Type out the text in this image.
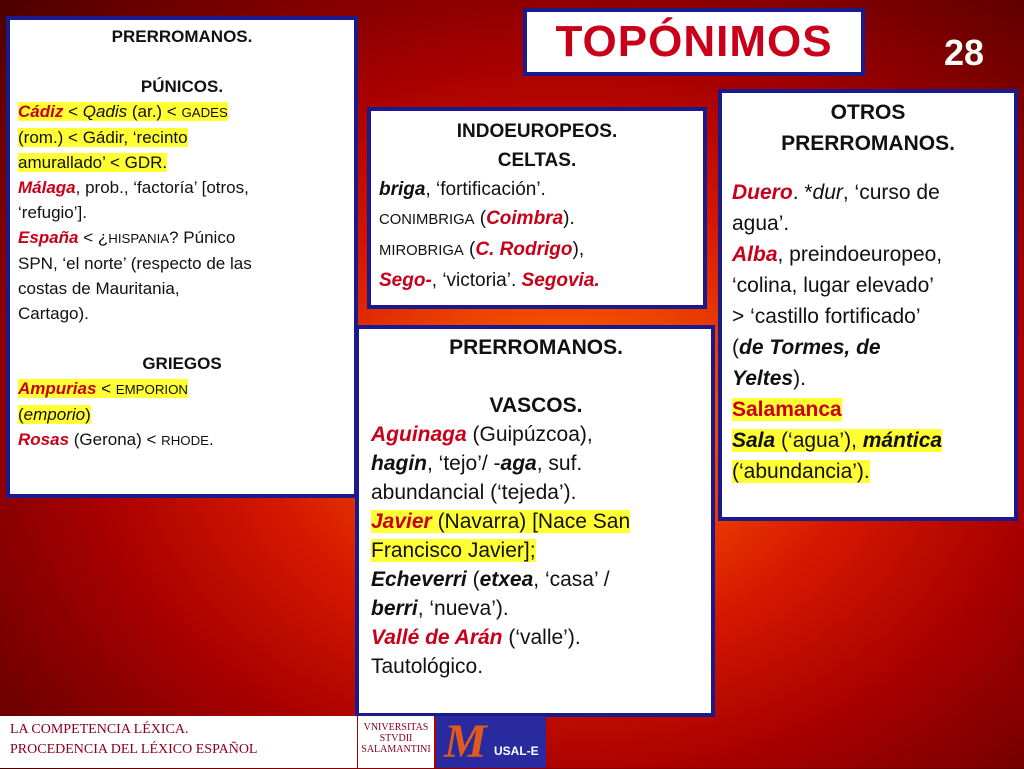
TOPÓNIMOS	28
PRERROMANOS.
PÚNICOS.
Cádiz < Qadis (ar.) < GADES
(rom.) < Gádir, ‘recinto
amurallado’ < GDR.
Málaga, prob., ‘factoría’ [otros,
‘refugio’].
España < ¿HISPANIA? Púnico
SPN, ‘el norte’ (respecto de las
costas de Mauritania,
Cartago).
GRIEGOS
Ampurias < EMPORION
(emporio)
Rosas (Gerona) < RHODE.
INDOEUROPEOS.
CELTAS.
briga, ‘fortificación’.
CONIMBRIGA (Coimbra).
MIROBRIGA (C. Rodrigo),
Sego-, ‘victoria’. Segovia.
OTROS
PRERROMANOS.
Duero. *dur, ‘curso de
agua’.
Alba, preindoeuropeo,
‘colina, lugar elevado’
> ‘castillo fortificado’
(de Tormes, de
Yeltes).
Salamanca
Sala (‘agua’), mántica
(‘abundancia’).
PRERROMANOS.
VASCOS.
Aguinaga (Guipúzcoa),
hagin, ‘tejo’/ -aga, suf.
abundancial (‘tejeda’).
Javier (Navarra) [Nace San
Francisco Javier];
Echeverri (etxea, ‘casa’ /
berri, ‘nueva’).
Vallé de Arán (‘valle’).
Tautológico.
LA COMPETENCIA LÉXICA.
PROCEDENCIA DEL LÉXICO ESPAÑOL
VNIVERSITAS
STVDII
SALAMANTINI M USAL-E
